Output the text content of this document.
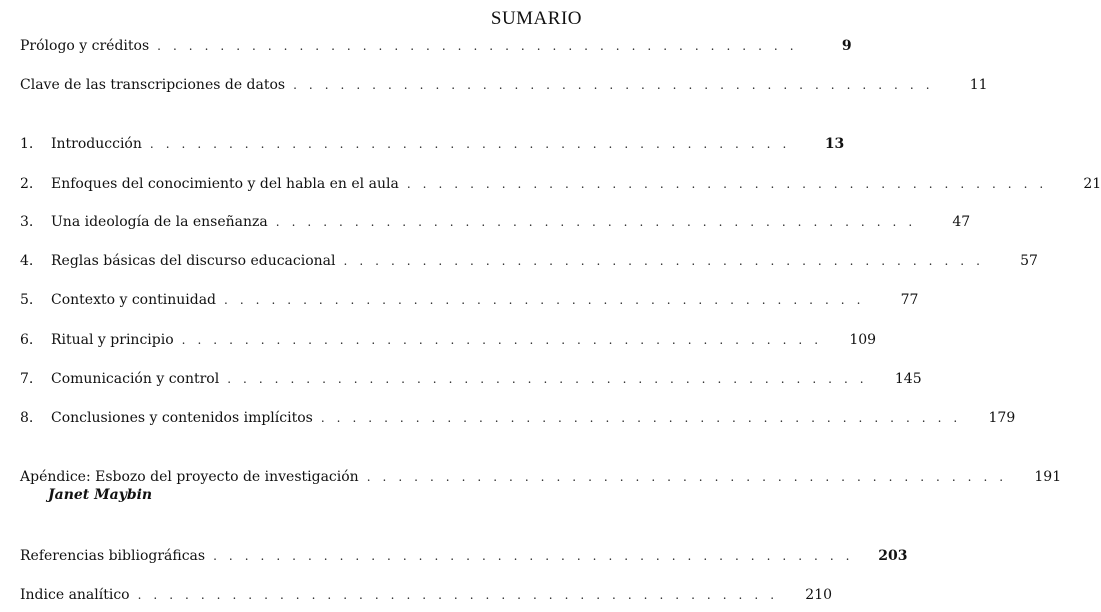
SUMARIO
Prólogo y créditos .........................................	9
Clave de las transcripciones de datos .........................................	11
1.	Introducción .........................................	13
2.	Enfoques del conocimiento y del habla en el aula .........................................	21
3.	Una ideología de la enseñanza .........................................	47
4.	Reglas básicas del discurso educacional .........................................	57
5.	Contexto y continuidad .........................................	77
6.	Ritual y principio .........................................	109
7.	Comunicación y control .........................................	145
8.	Conclusiones y contenidos implícitos .........................................	179
Apéndice: Esbozo del proyecto de investigación .........................................	191
Janet Maybin
Referencias bibliográficas .........................................	203
Indice analítico .........................................	210
